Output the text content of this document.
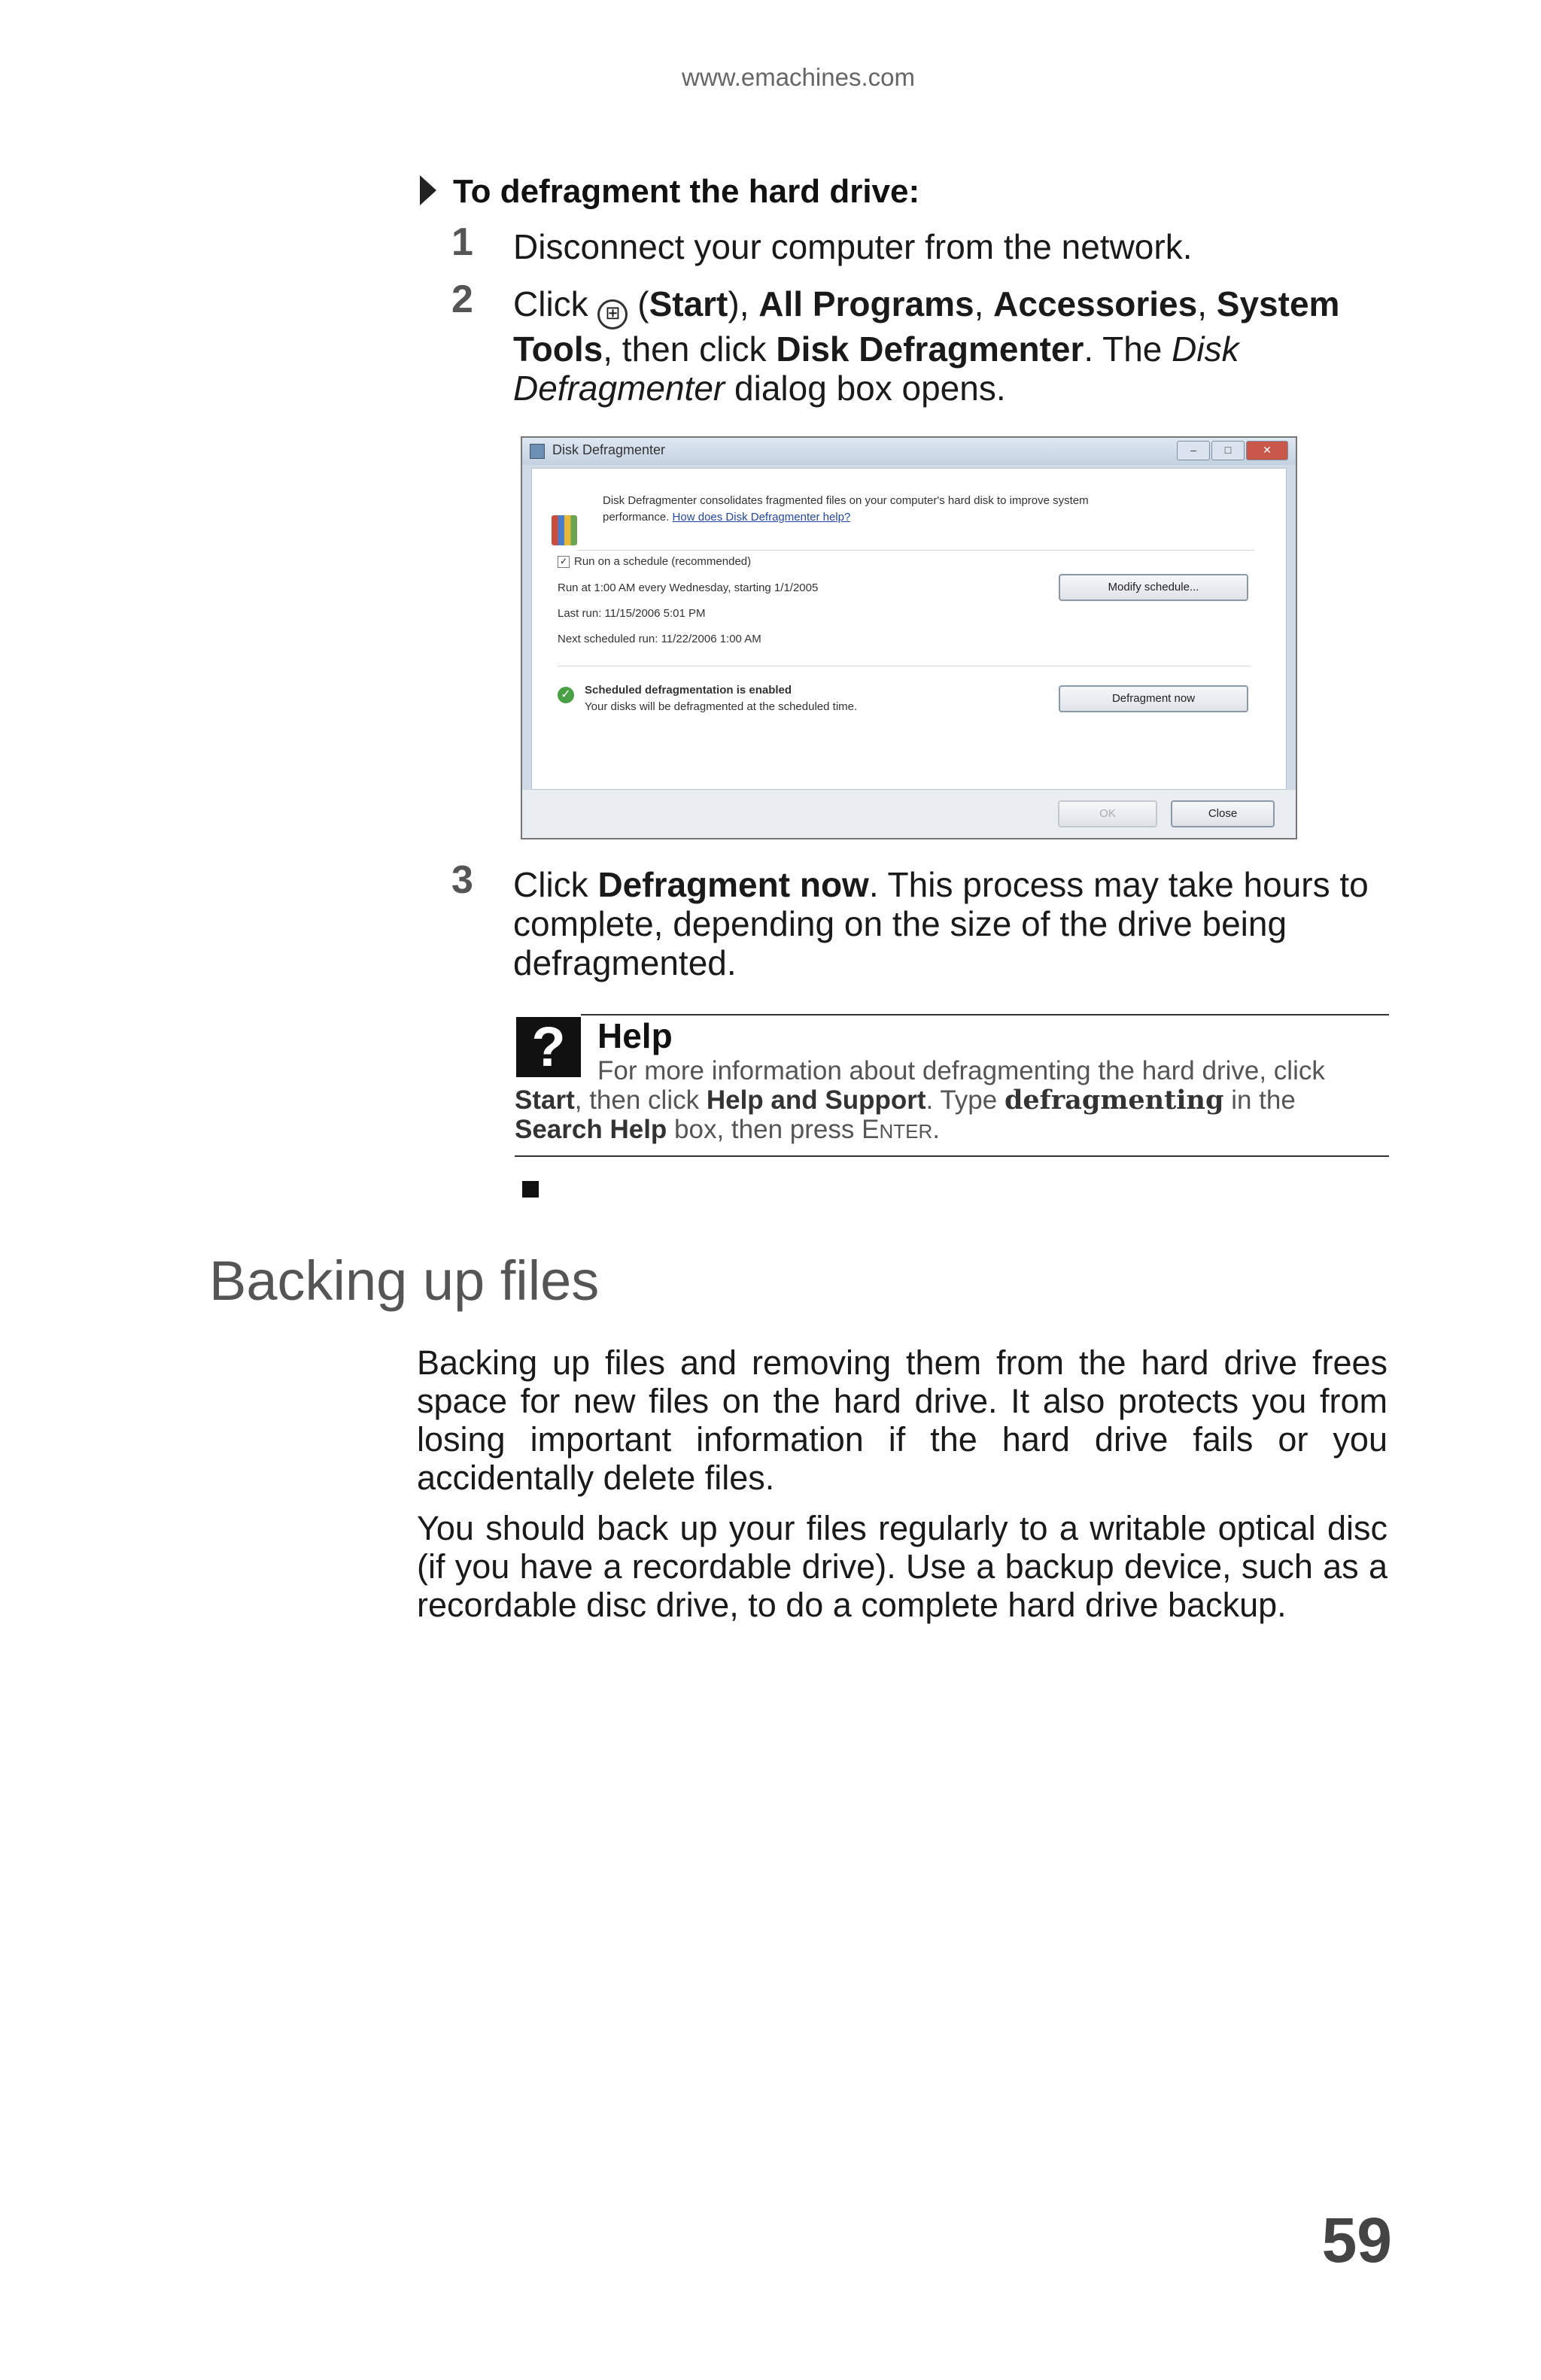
www.emachines.com
To defragment the hard drive:
1 Disconnect your computer from the network.
2 Click ⊞ (Start), All Programs, Accessories, System Tools, then click Disk Defragmenter. The Disk Defragmenter dialog box opens.
Disk Defragmenter	–	□	✕
Disk Defragmenter consolidates fragmented files on your computer's hard disk to improve system
performance. How does Disk Defragmenter help?
✓ Run on a schedule (recommended)
Run at 1:00 AM every Wednesday, starting 1/1/2005
Last run: 11/15/2006 5:01 PM
Next scheduled run: 11/22/2006 1:00 AM
Modify schedule...
✓ Scheduled defragmentation is enabled
Your disks will be defragmented at the scheduled time.
Defragment now
OK	Close
3 Click Defragment now. This process may take hours to complete, depending on the size of the drive being defragmented.
? Help
For more information about defragmenting the hard drive, click Start, then click Help and Support. Type defragmenting in the Search Help box, then press ENTER.
Backing up files
Backing up files and removing them from the hard drive frees space for new files on the hard drive. It also protects you from losing important information if the hard drive fails or you accidentally delete files.
You should back up your files regularly to a writable optical disc (if you have a recordable drive). Use a backup device, such as a recordable disc drive, to do a complete hard drive backup.
59
